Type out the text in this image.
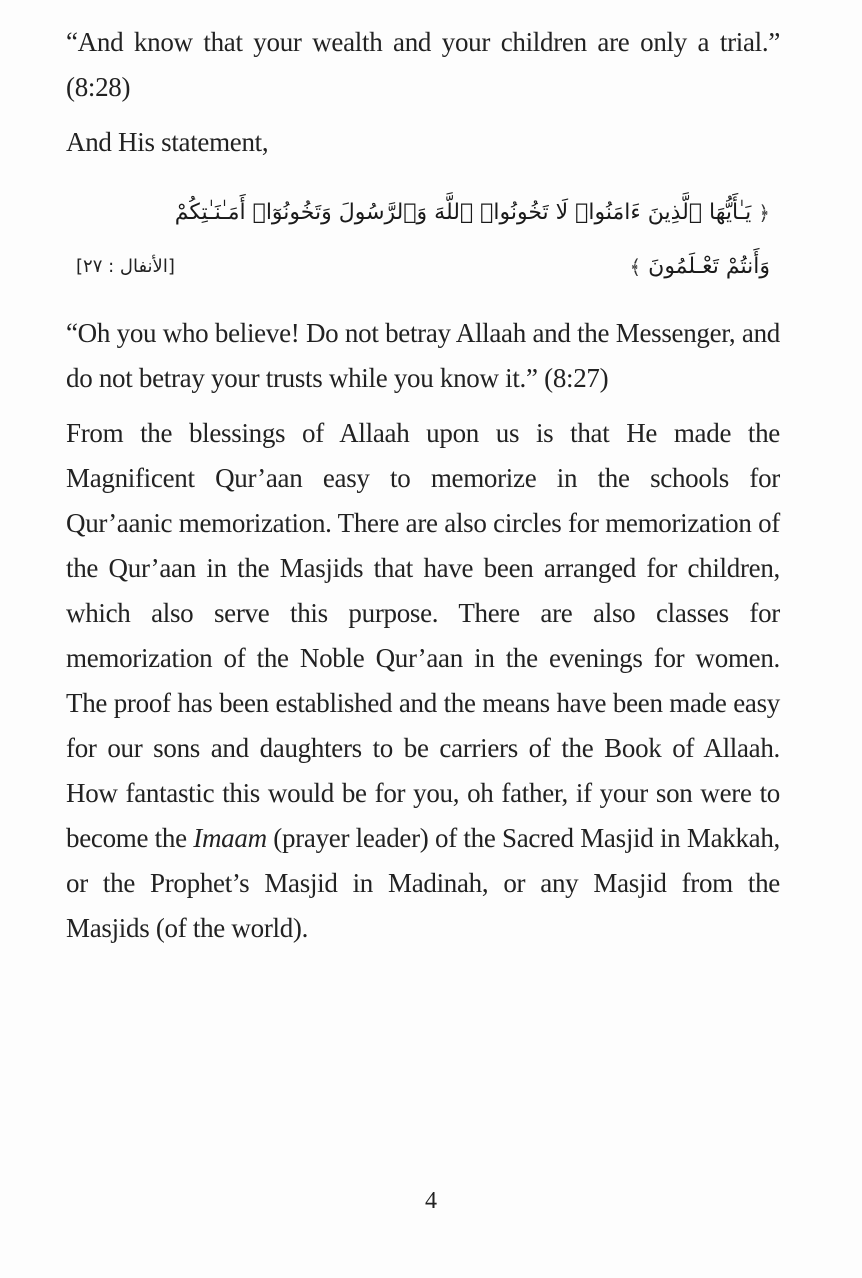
“And know that your wealth and your children are only a trial.” (8:28)

And His statement,

﴿ يَـٰأَيُّهَا ٱلَّذِينَ ءَامَنُوا۟ لَا تَخُونُوا۟ ٱللَّهَ وَٱلرَّسُولَ وَتَخُونُوٓا۟ أَمَـٰنَـٰتِكُمْ
[الأنفال : ٢٧]	وَأَنتُمْ تَعْـلَمُونَ ﴾

“Oh you who believe! Do not betray Allaah and the Messenger, and do not betray your trusts while you know it.” (8:27)

From the blessings of Allaah upon us is that He made the Magnificent Qur’aan easy to memorize in the schools for Qur’aanic memorization. There are also circles for memorization of the Qur’aan in the Masjids that have been arranged for children, which also serve this purpose. There are also classes for memorization of the Noble Qur’aan in the evenings for women. The proof has been established and the means have been made easy for our sons and daughters to be carriers of the Book of Allaah. How fantastic this would be for you, oh father, if your son were to become the Imaam (prayer leader) of the Sacred Masjid in Makkah, or the Prophet’s Masjid in Madinah, or any Masjid from the Masjids (of the world).

4
